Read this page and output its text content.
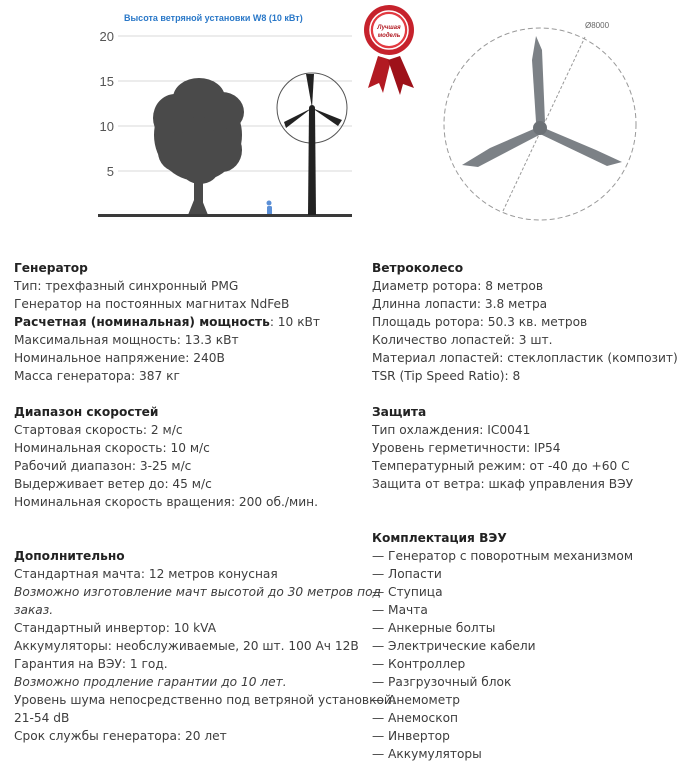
20
15
10
5
Высота ветряной установки W8 (10 кВт)
Лучшая
модель
Ø8000

Генератор

Тип: трехфазный синхронный PMG

Генератор на постоянных магнитах NdFeB

Расчетная (номинальная) мощность: 10 кВт

Максимальная мощность: 13.3 кВт

Номинальное напряжение: 240В

Масса генератора: 387 кг

Диапазон скоростей

Стартовая скорость: 2 м/с

Номинальная скорость: 10 м/с

Рабочий диапазон: 3-25 м/с

Выдерживает ветер до: 45 м/с

Номинальная скорость вращения: 200 об./мин.

Дополнительно

Стандартная мачта: 12 метров конусная

Возможно изготовление мачт высотой до 30 метров под

заказ.

Стандартный инвертор: 10 kVA

Аккумуляторы: необслуживаемые, 20 шт. 100 Ач 12В

Гарантия на ВЭУ: 1 год.

Возможно продление гарантии до 10 лет.

Уровень шума непосредственно под ветряной установкой:

21-54 dB

Срок службы генератора: 20 лет

Ветроколесо

Диаметр ротора: 8 метров

Длинна лопасти: 3.8 метра

Площадь ротора: 50.3 кв. метров

Количество лопастей: 3 шт.

Материал лопастей: стеклопластик (композит)

TSR (Tip Speed Ratio): 8

Защита

Тип охлаждения: IC0041

Уровень герметичности: IP54

Температурный режим: от -40 до +60 С

Защита от ветра: шкаф управления ВЭУ

Комплектация ВЭУ

— Генератор с поворотным механизмом

— Лопасти

— Ступица

— Мачта

— Анкерные болты

— Электрические кабели

— Контроллер

— Разгрузочный блок

— Анемометр

— Анемоскоп

— Инвертор

— Аккумуляторы
